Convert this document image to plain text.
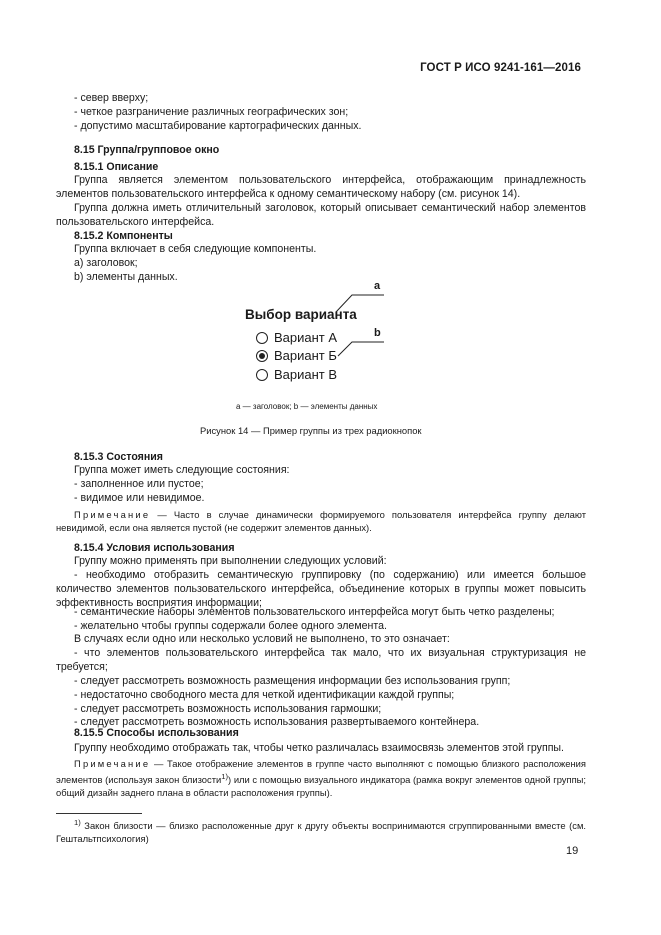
ГОСТ Р ИСО 9241-161—2016
- север вверху;
- четкое разграничение различных географических зон;
- допустимо масштабирование картографических данных.
8.15 Группа/групповое окно
8.15.1 Описание
Группа является элементом пользовательского интерфейса, отображающим принадлежность элементов пользовательского интерфейса к одному семантическому набору (см. рисунок 14).
Группа должна иметь отличительный заголовок, который описывает семантический набор элементов пользовательского интерфейса.
8.15.2 Компоненты
Группа включает в себя следующие компоненты.
a) заголовок;
b) элементы данных.
Выбор варианта
a
b
Вариант А
Вариант Б
Вариант В
a — заголовок; b — элементы данных
Рисунок 14 — Пример группы из трех радиокнопок
8.15.3 Состояния
Группа может иметь следующие состояния:
- заполненное или пустое;
- видимое или невидимое.
Примечание — Часто в случае динамически формируемого пользователя интерфейса группу делают невидимой, если она является пустой (не содержит элементов данных).
8.15.4 Условия использования
Группу можно применять при выполнении следующих условий:
- необходимо отобразить семантическую группировку (по содержанию) или имеется большое количество элементов пользовательского интерфейса, объединение которых в группы может повысить эффективность восприятия информации;
- семантические наборы элементов пользовательского интерфейса могут быть четко разделены;
- желательно чтобы группы содержали более одного элемента.
В случаях если одно или несколько условий не выполнено, то это означает:
- что элементов пользовательского интерфейса так мало, что их визуальная структуризация не требуется;
- следует рассмотреть возможность размещения информации без использования групп;
- недостаточно свободного места для четкой идентификации каждой группы;
- следует рассмотреть возможность использования гармошки;
- следует рассмотреть возможность использования развертываемого контейнера.
8.15.5 Способы использования
Группу необходимо отображать так, чтобы четко различалась взаимосвязь элементов этой группы.
Примечание — Такое отображение элементов в группе часто выполняют с помощью близкого расположения элементов (используя закон близости$^{1)}$) или с помощью визуального индикатора (рамка вокруг элементов одной группы; общий дизайн заднего плана в области расположения группы).
$^{1)}$ Закон близости — близко расположенные друг к другу объекты воспринимаются сгруппированными вместе (см. Гештальтпсихология)
19
